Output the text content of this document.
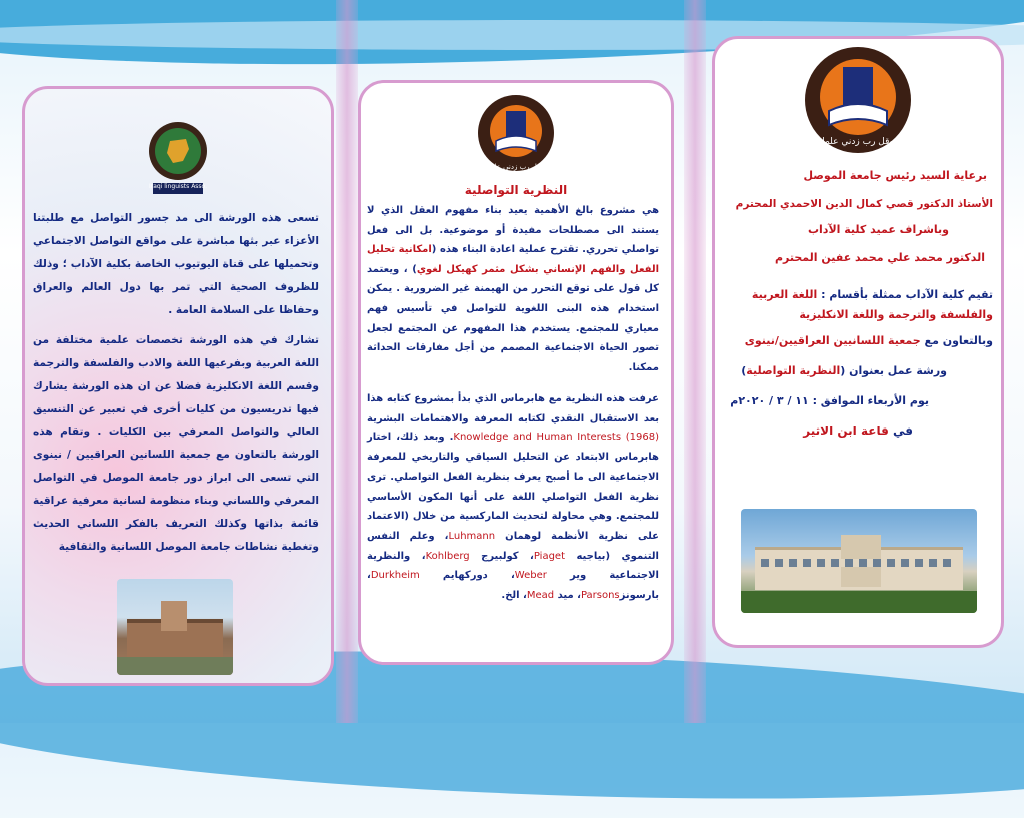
Iraqi linguists Asso.
تسعى هذه الورشة الى مد جسور التواصل مع طلبتنا الأعزاء عبر بثها مباشرة على مواقع التواصل الاجتماعي وتحميلها على قناة اليوتيوب الخاصة بكلية الآداب ؛ وذلك للظروف الصحية التي تمر بها دول العالم والعراق وحفاظا على السلامة العامة .
تشارك في هذه الورشة تخصصات علمية مختلفة من اللغة العربية وبفرعيها اللغة والادب والفلسفة والترجمة وقسم اللغة الانكليزية فضلا عن ان هذه الورشة يشارك فيها تدريسيون من كليات أخرى في تعبير عن التنسيق العالي والتواصل المعرفي بين الكليات . وتقام هذه الورشة بالتعاون مع جمعية اللسانين العراقيين / نينوى التي تسعى الى ابراز دور جامعة الموصل في التواصل المعرفي واللساني وبناء منظومة لسانية معرفية عراقية قائمة بذاتها وكذلك التعريف بالفكر اللساني الحديث وتغطية نشاطات جامعة الموصل اللسانية والثقافية
وقل رب زدني علما
النظرية التواصلية
هي مشروع بالغ الأهمية يعيد بناء مفهوم العقل الذي لا يستند الى مصطلحات مفيدة أو موضوعية. بل الى فعل تواصلي تحرري. تقترح عملية اعادة البناء هذه (امكانية تحليل الفعل والفهم الإنساني بشكل مثمر كهيكل لغوي) ، ويعتمد كل قول على توقع التحرر من الهيمنة غير الضرورية . يمكن استخدام هذه البنى اللغوية للتواصل في تأسيس فهم معياري للمجتمع. يستخدم هذا المفهوم عن المجتمع لجعل تصور الحياة الاجتماعية المصمم من أجل مفارقات الحداثة ممكنا.
عرفت هذه النظرية مع هابرماس الذي بدأ بمشروع كتابه هذا بعد الاستقبال النقدي لكتابه المعرفة والاهتمامات البشرية Knowledge and Human Interests (1968). وبعد ذلك، اختار هابرماس الابتعاد عن التحليل السياقي والتاريخي للمعرفة الاجتماعية الى ما أصبح يعرف بنظرية الفعل التواصلي. ترى نظرية الفعل التواصلي اللغة على أنها المكون الأساسي للمجتمع. وهي محاولة لتحديث الماركسية من خلال (الاعتماد على نظرية الأنظمة لوهمان Luhmann، وعلم النفس التنموي (بياجيه Piaget، كولبيرج Kohlberg، والنظرية الاجتماعية وير Weber، دوركهايم Durkheim، بارسونزParsons، ميد Mead، الخ.
وقل رب زدني علما
برعاية السيد رئيس جامعة الموصل
الأستاذ الدكتور قصي كمال الدين الاحمدي المحترم
وباشراف عميد كلية الآداب
الدكتور محمد علي محمد عفين المحترم
تقيم كلية الآداب ممثلة بأقسام : اللغة العربية والفلسفة والترجمة واللغة الانكليزية
وبالتعاون مع جمعية اللسانيين العراقيين/نينوى
ورشة عمل بعنوان (النظرية التواصلية)
يوم الأربعاء الموافق : ١١ / ٣ / ٢٠٢٠م
في قاعة ابن الاثير
